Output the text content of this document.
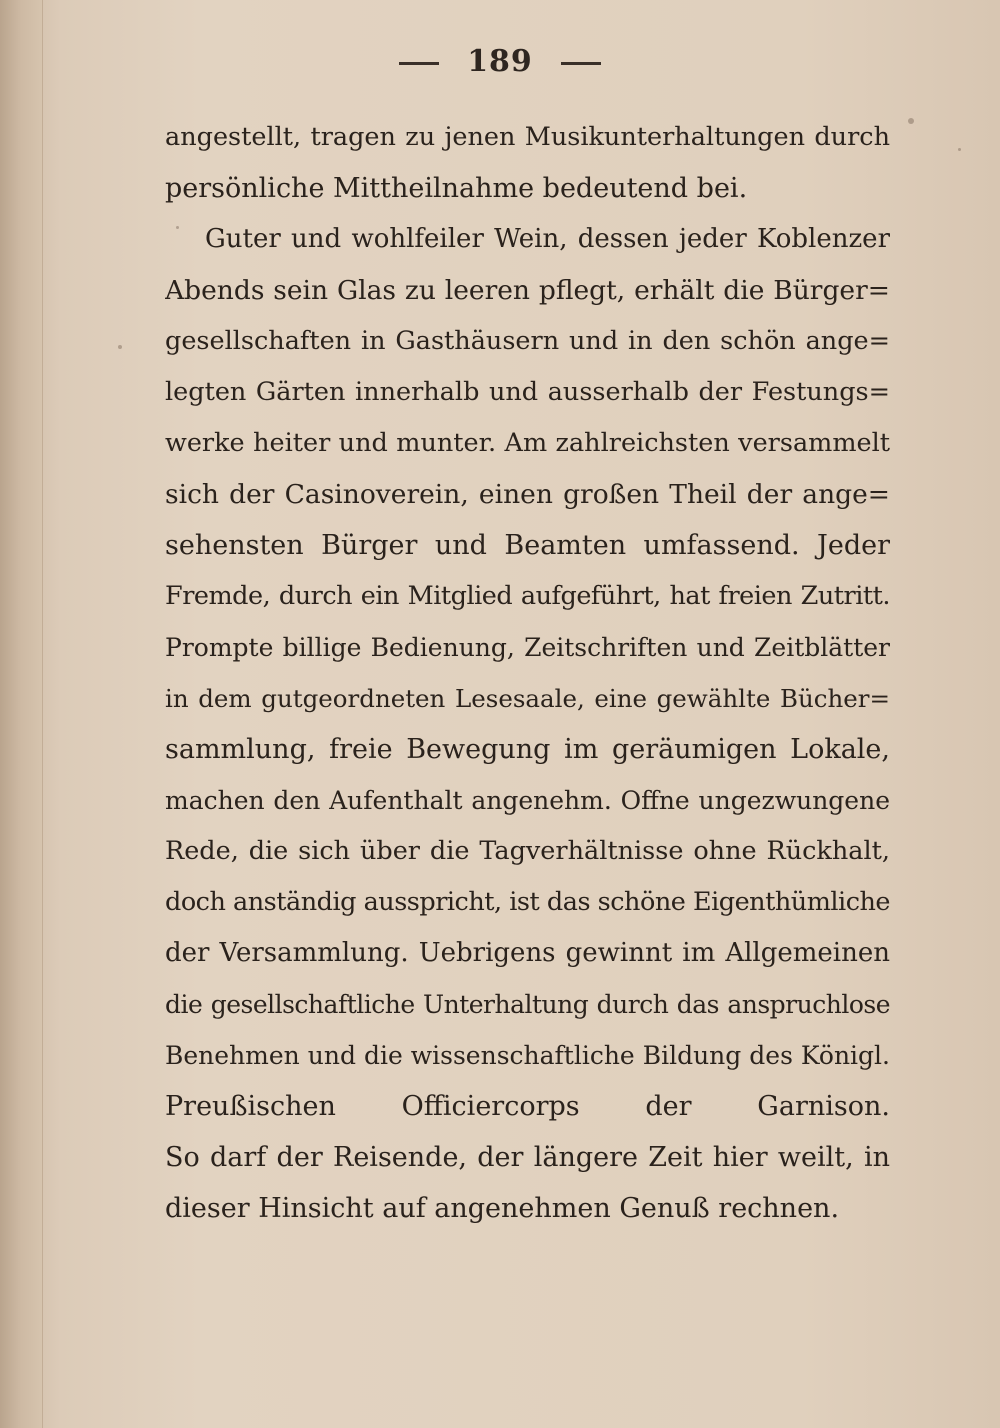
189
angestellt, tragen zu jenen Musikunterhaltungen durch
persönliche Mittheilnahme bedeutend bei.
Guter und wohlfeiler Wein, dessen jeder Koblenzer
Abends sein Glas zu leeren pflegt, erhält die Bürger=
gesellschaften in Gasthäusern und in den schön ange=
legten Gärten innerhalb und ausserhalb der Festungs=
werke heiter und munter. Am zahlreichsten versammelt
sich der Casinoverein, einen großen Theil der ange=
sehensten Bürger und Beamten umfassend. Jeder
Fremde, durch ein Mitglied aufgeführt, hat freien Zutritt.
Prompte billige Bedienung, Zeitschriften und Zeitblätter
in dem gutgeordneten Lesesaale, eine gewählte Bücher=
sammlung, freie Bewegung im geräumigen Lokale,
machen den Aufenthalt angenehm. Offne ungezwungene
Rede, die sich über die Tagverhältnisse ohne Rückhalt,
doch anständig ausspricht, ist das schöne Eigenthümliche
der Versammlung. Uebrigens gewinnt im Allgemeinen
die gesellschaftliche Unterhaltung durch das anspruchlose
Benehmen und die wissenschaftliche Bildung des Königl.
Preußischen Officiercorps der Garnison.
So darf der Reisende, der längere Zeit hier weilt, in
dieser Hinsicht auf angenehmen Genuß rechnen.
